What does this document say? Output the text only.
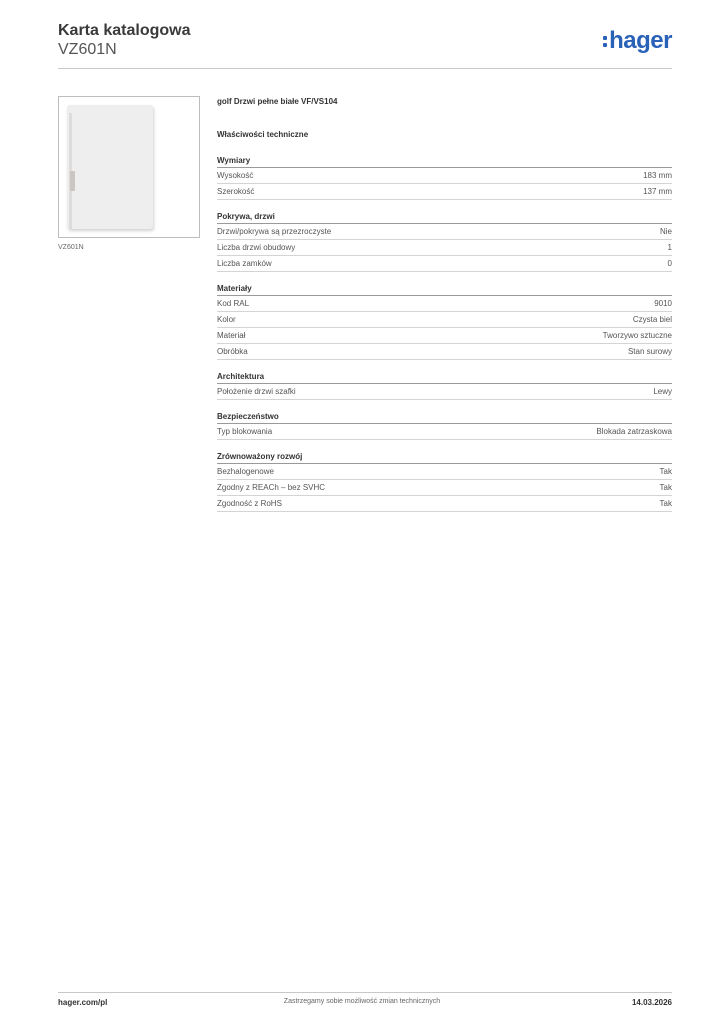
Karta katalogowa
VZ601N	hager
VZ601N
golf Drzwi pełne białe VF/VS104
Właściwości techniczne
Wymiary
Wysokość	183 mm
Szerokość	137 mm
Pokrywa, drzwi
Drzwi/pokrywa są przezroczyste	Nie
Liczba drzwi obudowy	1
Liczba zamków	0
Materiały
Kod RAL	9010
Kolor	Czysta biel
Materiał	Tworzywo sztuczne
Obróbka	Stan surowy
Architektura
Położenie drzwi szafki	Lewy
Bezpieczeństwo
Typ blokowania	Blokada zatrzaskowa
Zrównoważony rozwój
Bezhalogenowe	Tak
Zgodny z REACh – bez SVHC	Tak
Zgodność z RoHS	Tak
hager.com/pl	Zastrzegamy sobie możliwość zmian technicznych	14.03.2026
